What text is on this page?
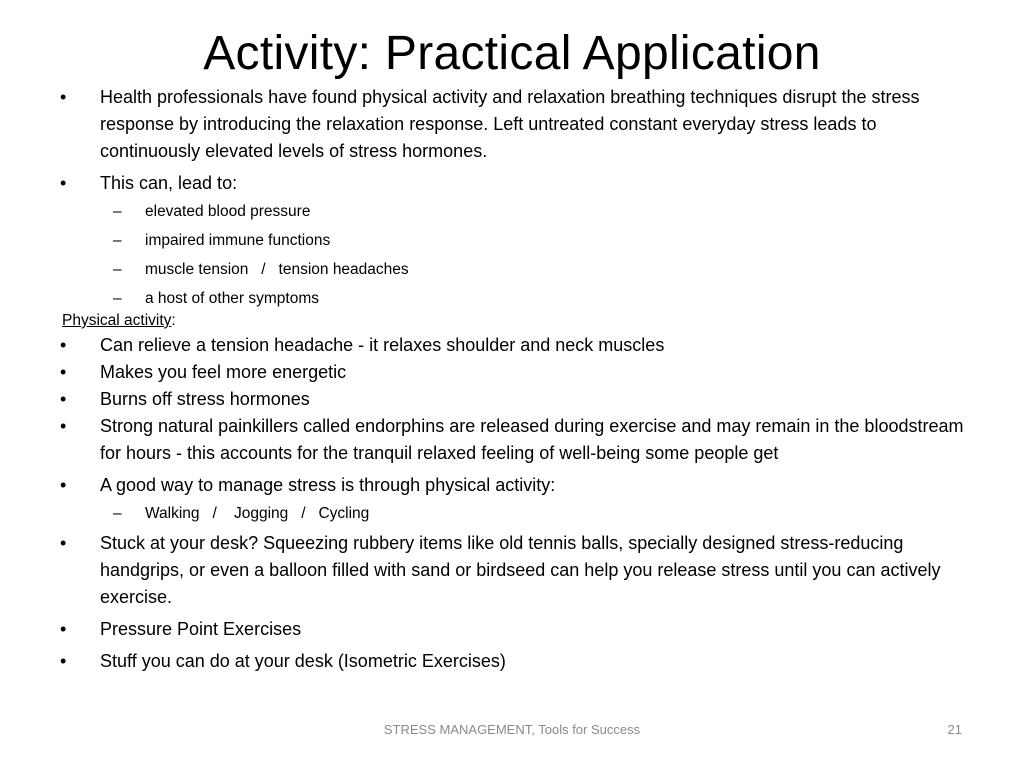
Activity: Practical Application

• Health professionals have found physical activity and relaxation breathing techniques disrupt the stress response by introducing the relaxation response. Left untreated constant everyday stress leads to continuously elevated levels of stress hormones.

• This can, lead to:

– elevated blood pressure

– impaired immune functions

– muscle tension   /   tension headaches

– a host of other symptoms

Physical activity:

• Can relieve a tension headache - it relaxes shoulder and neck muscles

• Makes you feel more energetic

• Burns off stress hormones

• Strong natural painkillers called endorphins are released during exercise and may remain in the bloodstream for hours - this accounts for the tranquil relaxed feeling of well-being some people get

• A good way to manage stress is through physical activity:

– Walking   /    Jogging   /   Cycling

• Stuck at your desk? Squeezing rubbery items like old tennis balls, specially designed stress-reducing handgrips, or even a balloon filled with sand or birdseed can help you release stress until you can actively exercise.

• Pressure Point Exercises

• Stuff you can do at your desk (Isometric Exercises)

STRESS MANAGEMENT, Tools for Success	21
